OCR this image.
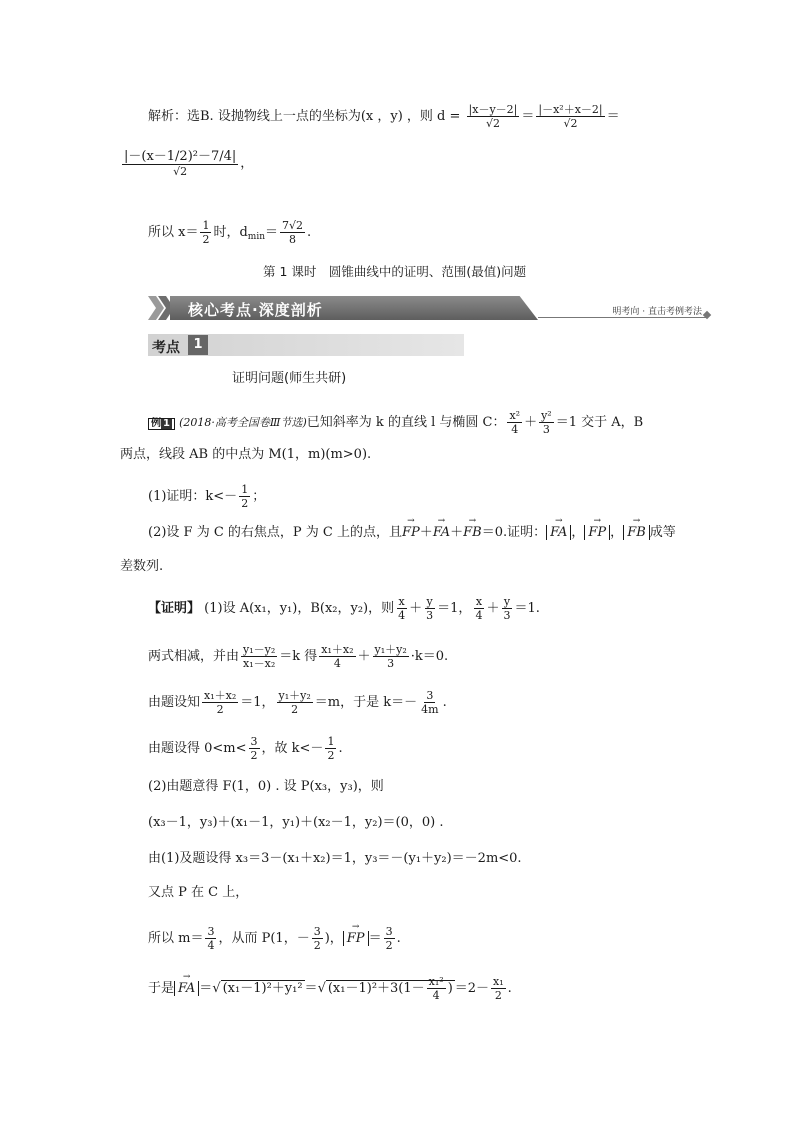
解析：选B. 设抛物线上一点的坐标为(x ，y) ，则 $d = \frac{|x-y-2|}{√2} = \frac{\text{|－x²＋x－2|}}{√2}$ ＝
$\frac{\text{|－(x－1/2)²－7/4|}}{√2}$ ，
所以 $x= \frac{1}{2}$ 时，$d_{min}= \frac{7√2}{8}$ .
第 1 课时　圆锥曲线中的证明、范围(最值)问题
核心考点·深度剖析	明考向 · 直击考例考法
考点	1
证明问题(师生共研)
例 1 (2018·高考全国卷Ⅲ节选)已知斜率为 k 的直线 l 与椭圆 C： $\frac{\text{x²}}{4} + \frac{\text{y²}}{3} =1$ 交于 A，B
两点，线段 AB 的中点为 M(1，m)(m>0).
(1)证明：$k<- \frac{1}{2}$ ；
(2)设 F 为 C 的右焦点，P 为 C 上的点，且→ FP＋→ FA＋→ FB＝0.证明： → FA ， → FP ， → FB 成等
差数列.
【证明】 (1)设 A(x₁，y₁)，B(x₂，y₂)，则 $\frac{x}{4} + \frac{y}{3} =1$， $\frac{x}{4} + \frac{y}{3} =1$.
两式相减，并由 $\frac{\text{y₁－y₂}}{\text{x₁－x₂}} =k$ 得 $\frac{\text{x₁＋x₂}}{4} + \frac{\text{y₁＋y₂}}{3} \cdot k=0$.
由题设知 $\frac{\text{x₁＋x₂}}{2} =1$， $\frac{\text{y₁＋y₂}}{2} =m$，于是 $k=- \frac{3}{4m}$ .
由题设得 $0<m< \frac{3}{2}$ ，故 $k<- \frac{1}{2}$ .
(2)由题意得 F(1，0) . 设 P(x₃，y₃)，则
(x₃－1，y₃)＋(x₁－1，y₁)＋(x₂－1，y₂)＝(0，0) .
由(1)及题设得 x₃＝3－(x₁＋x₂)＝1，y₃＝－(y₁＋y₂)＝－2m<0.
又点 P 在 C 上，
所以 $m= \frac{3}{4}$ ，从而 P(1，－ $\frac{3}{2}$ )， → FP ＝ $\frac{3}{2}$ .
于是 → FA ＝√ (x₁－1)²＋y₁² ＝√ $(x_1-1)^2+3(1- \frac{\text{x₁²}}{4}$ ) $=2- \frac{\text{x₁}}{2}$ .
